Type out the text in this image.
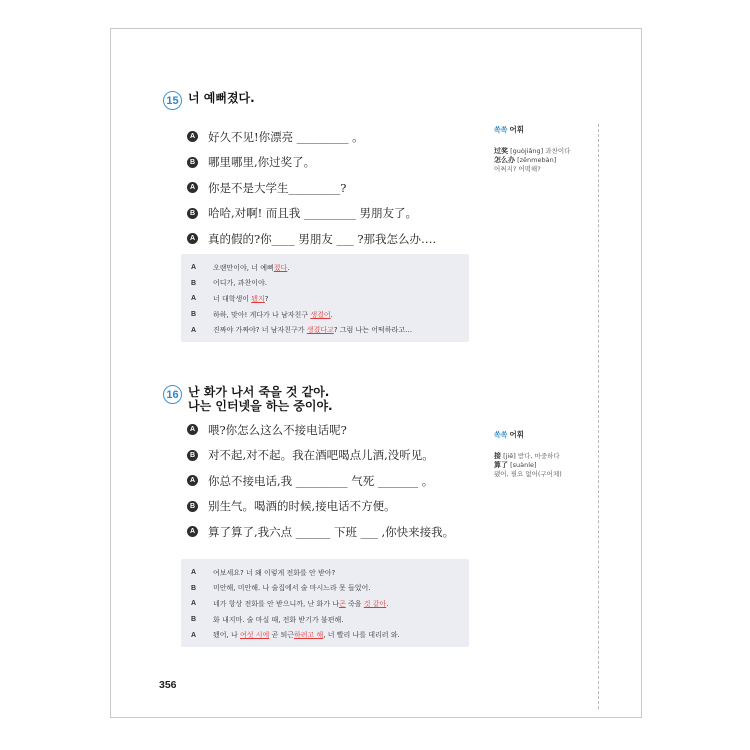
15 너 예뻐졌다.
A 好久不见!你漂亮 _________ 。
B 哪里哪里,你过奖了。
A 你是不是大学生_________?
B 哈哈,对啊! 而且我 _________ 男朋友了。
A 真的假的?你____ 男朋友 ___ ?那我怎么办….
A	오랜만이야, 너 예뻐졌다.
B	어디가, 과찬이야.
A	너 대학생이 됐지?
B	하하, 맞아! 게다가 나 남자친구 생겼어.
A	진짜야 가짜야? 너 남자친구가 생겼다고? 그럼 나는 어떡하라고…
쏙쏙 어휘
过奖 [guòjiǎng] 과찬이다
怎么办 [zěnmebàn]
어쩌지? 어떡해?
16 난 화가 나서 죽을 것 같아.
나는 인터넷을 하는 중이야.
A 喂?你怎么这么不接电话呢?
B 对不起,对不起。我在酒吧喝点儿酒,没听见。
A 你总不接电话,我 _________ 气死 _______ 。
B 别生气。喝酒的时候,接电话不方便。
A 算了算了,我六点 ______ 下班 ___ ,你快来接我。
A	여보세요? 너 왜 이렇게 전화를 안 받아?
B	미안해, 미안해. 나 술집에서 술 마시느라 못 들었어.
A	네가 항상 전화를 안 받으니까, 난 화가 나곤 죽을 것 같아.
B	화 내지마. 술 마실 때, 전화 받기가 불편해.
A	됐어, 나 여섯 시에 곧 퇴근하려고 해, 너 빨리 나를 데리러 와.
쏙쏙 어휘
接 [jiē] 받다, 마중하다
算了 [suànle]
됐어, 필요 없어(구어체)
356
